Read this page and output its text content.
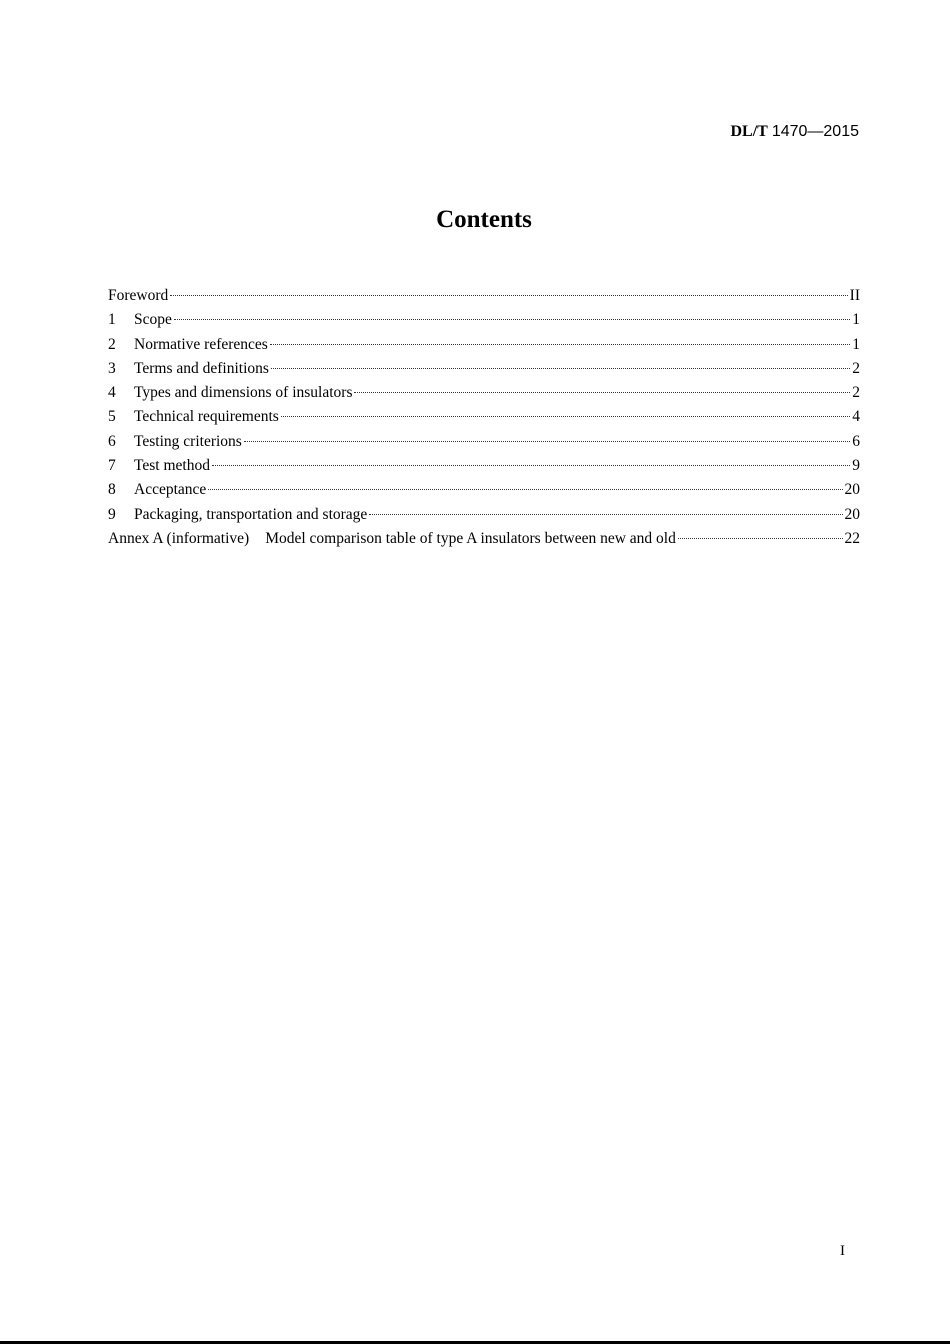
DL/T 1470—2015
Contents
Foreword	II
1	Scope	1
2	Normative references	1
3	Terms and definitions	2
4	Types and dimensions of insulators	2
5	Technical requirements	4
6	Testing criterions	6
7	Test method	9
8	Acceptance	20
9	Packaging, transportation and storage	20
Annex A (informative) Model comparison table of type A insulators between new and old	22
I
